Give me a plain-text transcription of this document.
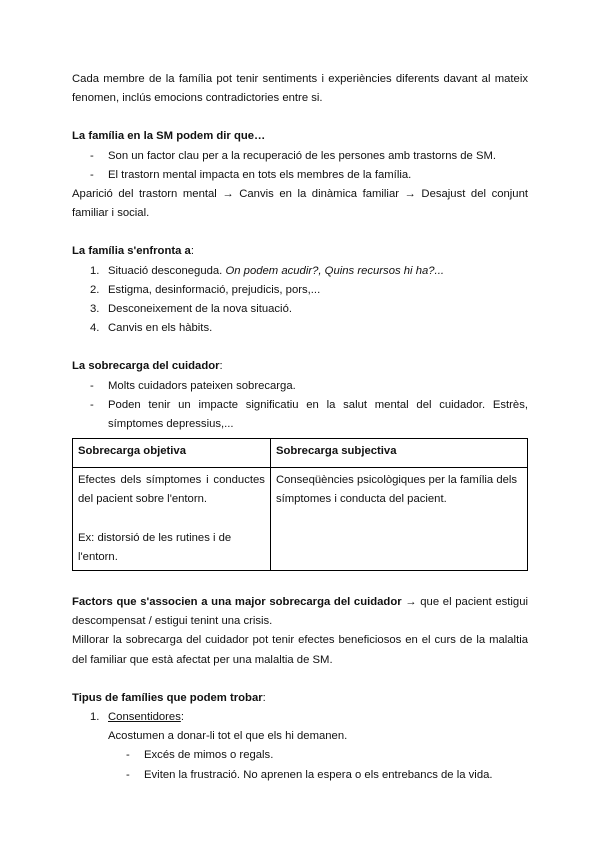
Cada membre de la família pot tenir sentiments i experiències diferents davant al mateix fenomen, inclús emocions contradictories entre si.

La família en la SM podem dir que…

- Son un factor clau per a la recuperació de les persones amb trastorns de SM.
- El trastorn mental impacta en tots els membres de la família.

Aparició del trastorn mental → Canvis en la dinàmica familiar → Desajust del conjunt familiar i social.

La família s'enfronta a:

1. Situació desconeguda. On podem acudir?, Quins recursos hi ha?...
2. Estigma, desinformació, prejudicis, pors,...
3. Desconeixement de la nova situació.
4. Canvis en els hàbits.

La sobrecarga del cuidador:

- Molts cuidadors pateixen sobrecarga.
- Poden tenir un impacte significatiu en la salut mental del cuidador. Estrès, símptomes depressius,...
Sobrecarga objetiva	Sobrecarga subjectiva

Efectes dels símptomes i conductes del pacient sobre l'entorn.
Ex: distorsió de les rutines i de l'entorn.	Conseqüències psicològiques per la família dels símptomes i conducta del pacient.

Factors que s'associen a una major sobrecarga del cuidador → que el pacient estigui descompensat / estigui tenint una crisis.

Millorar la sobrecarga del cuidador pot tenir efectes beneficiosos en el curs de la malaltia del familiar que està afectat per una malaltia de SM.

Tipus de famílies que podem trobar:

1. Consentidores:

Acostumen a donar-li tot el que els hi demanen.

- Excés de mimos o regals.
- Eviten la frustració. No aprenen la espera o els entrebancs de la vida.
